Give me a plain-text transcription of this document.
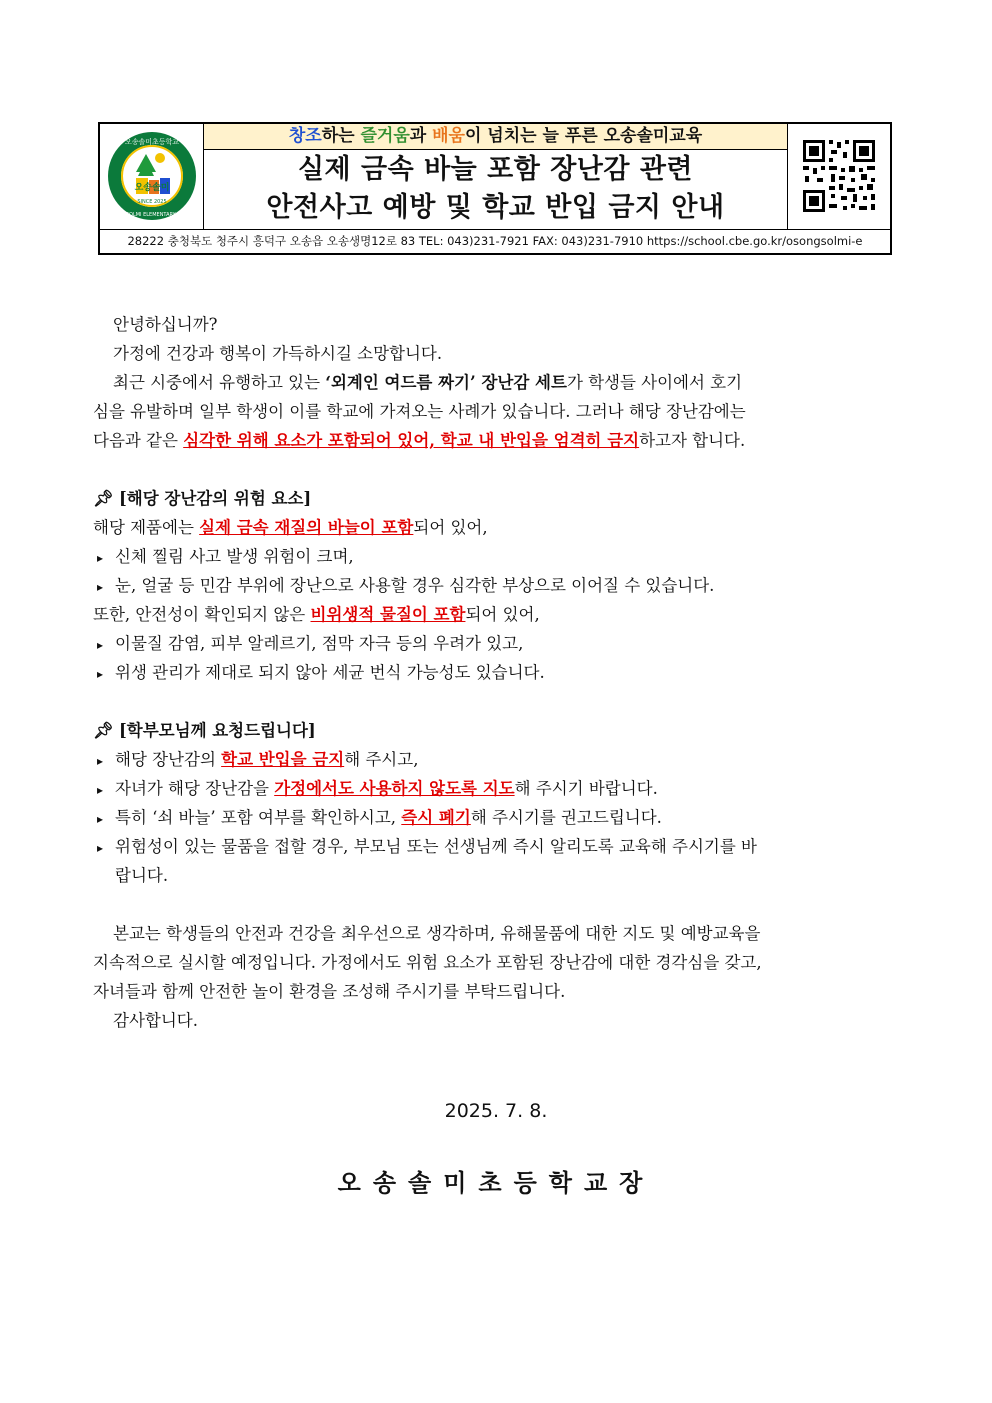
오송솔미초등학교
OSONG SOLMI ELEMENTARY SCHOOL
SINCE 2025
오송솔미
창조하는 즐거움과 배움이 넘치는 늘 푸른 오송솔미교육
실제 금속 바늘 포함 장난감 관련
안전사고 예방 및 학교 반입 금지 안내
28222 충청북도 청주시 흥덕구 오송읍 오송생명12로 83 TEL: 043)231-7921 FAX: 043)231-7910 https://school.cbe.go.kr/osongsolmi-e
안녕하십니까?
가정에 건강과 행복이 가득하시길 소망합니다.
최근 시중에서 유행하고 있는 ‘외계인 여드름 짜기’ 장난감 세트가 학생들 사이에서 호기
심을 유발하며 일부 학생이 이를 학교에 가져오는 사례가 있습니다. 그러나 해당 장난감에는
다음과 같은 심각한 위해 요소가 포함되어 있어, 학교 내 반입을 엄격히 금지하고자 합니다.
📌︎ [해당 장난감의 위험 요소]
해당 제품에는 실제 금속 재질의 바늘이 포함되어 있어,
▸ 신체 찔림 사고 발생 위험이 크며,
▸ 눈, 얼굴 등 민감 부위에 장난으로 사용할 경우 심각한 부상으로 이어질 수 있습니다.
또한, 안전성이 확인되지 않은 비위생적 물질이 포함되어 있어,
▸ 이물질 감염, 피부 알레르기, 점막 자극 등의 우려가 있고,
▸ 위생 관리가 제대로 되지 않아 세균 번식 가능성도 있습니다.
📌︎ [학부모님께 요청드립니다]
▸ 해당 장난감의 학교 반입을 금지해 주시고,
▸ 자녀가 해당 장난감을 가정에서도 사용하지 않도록 지도해 주시기 바랍니다.
▸ 특히 ‘쇠 바늘’ 포함 여부를 확인하시고, 즉시 폐기해 주시기를 권고드립니다.
▸ 위험성이 있는 물품을 접할 경우, 부모님 또는 선생님께 즉시 알리도록 교육해 주시기를 바
랍니다.
본교는 학생들의 안전과 건강을 최우선으로 생각하며, 유해물품에 대한 지도 및 예방교육을
지속적으로 실시할 예정입니다. 가정에서도 위험 요소가 포함된 장난감에 대한 경각심을 갖고,
자녀들과 함께 안전한 놀이 환경을 조성해 주시기를 부탁드립니다.
감사합니다.
2025. 7. 8.
오송솔미초등학교장
